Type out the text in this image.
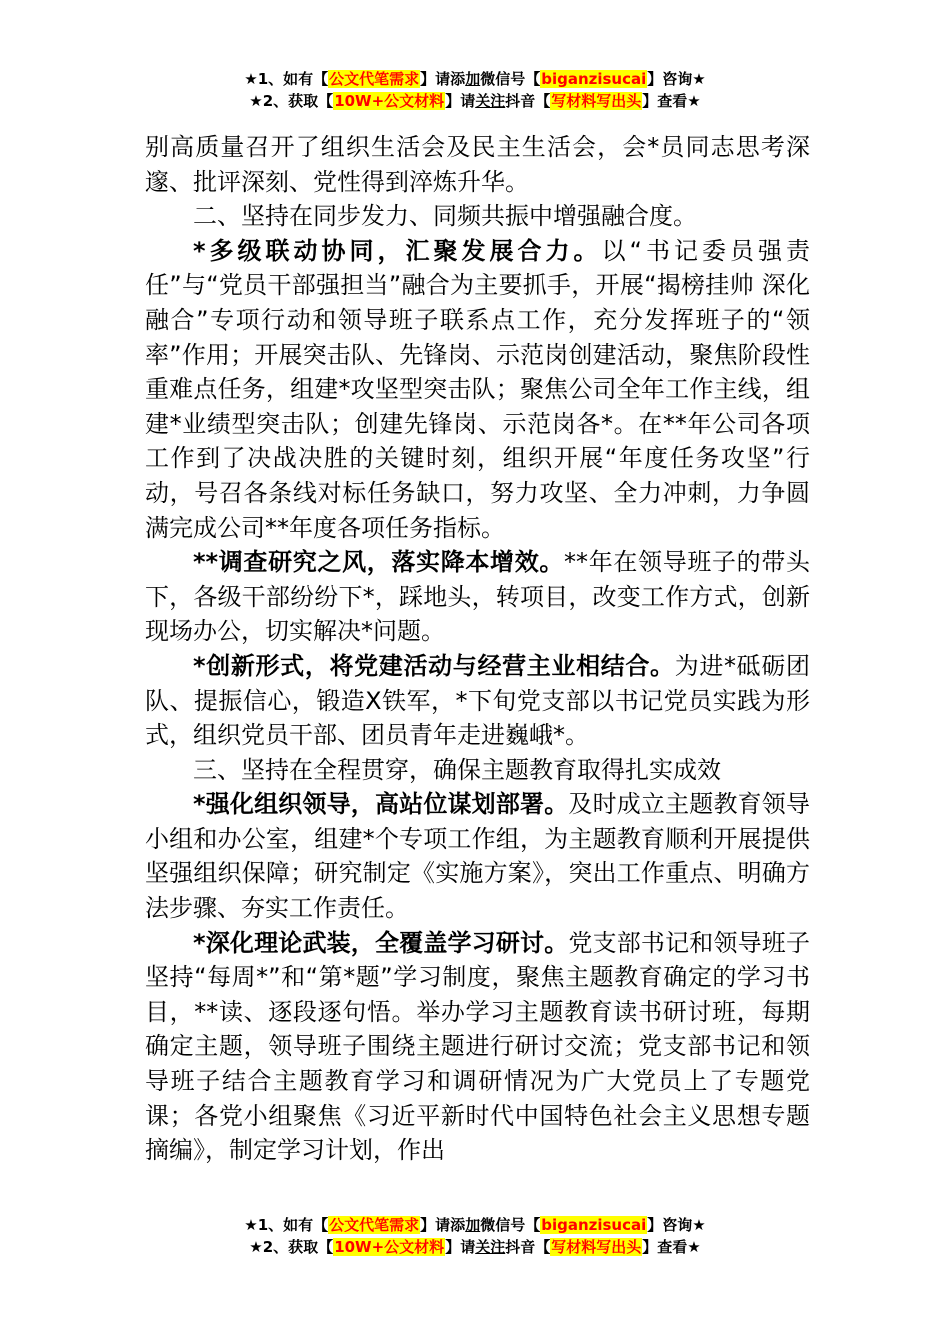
★1、如有【公文代笔需求】请添加微信号【biganzisucai】咨询★
★2、获取【10W+公文材料】请关注抖音【写材料写出头】查看★

别高质量召开了组织生活会及民主生活会，会*员同志思考深邃、批评深刻、党性得到淬炼升华。

二、坚持在同步发力、同频共振中增强融合度。

*多级联动协同，汇聚发展合力。以“书记委员强责任”与“党员干部强担当”融合为主要抓手，开展“揭榜挂帅 深化融合”专项行动和领导班子联系点工作，充分发挥班子的“领率”作用；开展突击队、先锋岗、示范岗创建活动，聚焦阶段性重难点任务，组建*攻坚型突击队；聚焦公司全年工作主线，组建*业绩型突击队；创建先锋岗、示范岗各*。在**年公司各项工作到了决战决胜的关键时刻，组织开展“年度任务攻坚”行动，号召各条线对标任务缺口，努力攻坚、全力冲刺，力争圆满完成公司**年度各项任务指标。

**调查研究之风，落实降本增效。**年在领导班子的带头下，各级干部纷纷下*，踩地头，转项目，改变工作方式，创新现场办公，切实解决*问题。

*创新形式，将党建活动与经营主业相结合。为进*砥砺团队、提振信心，锻造X铁军，*下旬党支部以书记党员实践为形式，组织党员干部、团员青年走进巍峨*。

三、坚持在全程贯穿，确保主题教育取得扎实成效

*强化组织领导，高站位谋划部署。及时成立主题教育领导小组和办公室，组建*个专项工作组，为主题教育顺利开展提供坚强组织保障；研究制定《实施方案》，突出工作重点、明确方法步骤、夯实工作责任。

*深化理论武装，全覆盖学习研讨。党支部书记和领导班子坚持“每周*”和“第*题”学习制度，聚焦主题教育确定的学习书目，**读、逐段逐句悟。举办学习主题教育读书研讨班，每期确定主题，领导班子围绕主题进行研讨交流；党支部书记和领导班子结合主题教育学习和调研情况为广大党员上了专题党课；各党小组聚焦《习近平新时代中国特色社会主义思想专题摘编》，制定学习计划，作出

★1、如有【公文代笔需求】请添加微信号【biganzisucai】咨询★
★2、获取【10W+公文材料】请关注抖音【写材料写出头】查看★
